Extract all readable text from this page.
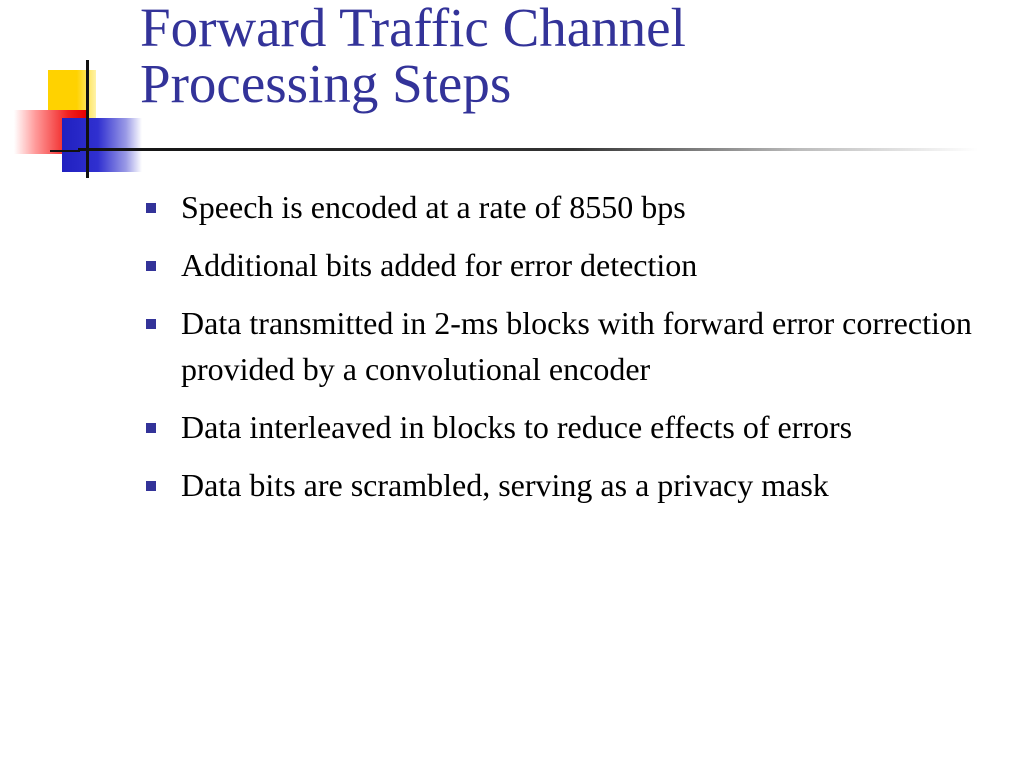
Forward Traffic Channel
Processing Steps
Speech is encoded at a rate of 8550 bps
Additional bits added for error detection
Data transmitted in 2-ms blocks with forward error correction provided by a convolutional encoder
Data interleaved in blocks to reduce effects of errors
Data bits are scrambled, serving as a privacy mask
